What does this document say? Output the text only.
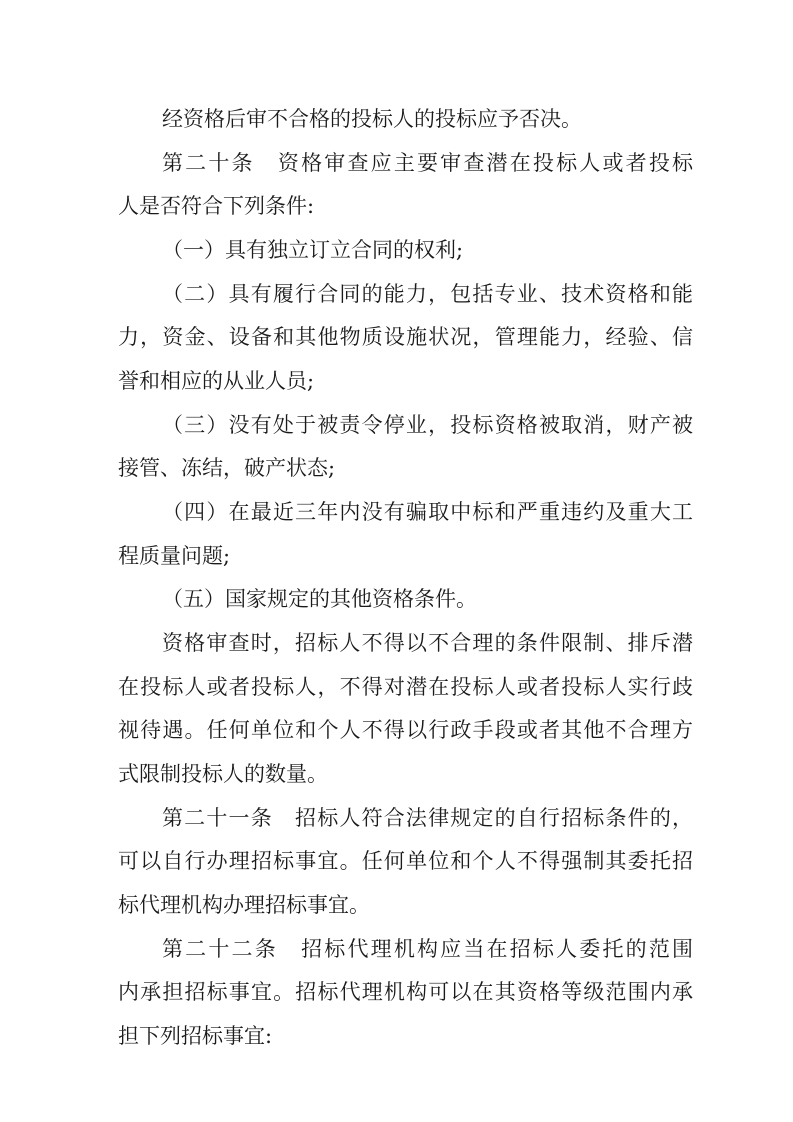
经资格后审不合格的投标人的投标应予否决。
第二十条　资格审查应主要审查潜在投标人或者投标
人是否符合下列条件:
（一）具有独立订立合同的权利;
（二）具有履行合同的能力，包括专业、技术资格和能
力，资金、设备和其他物质设施状况，管理能力，经验、信
誉和相应的从业人员;
（三）没有处于被责令停业，投标资格被取消，财产被
接管、冻结，破产状态;
（四）在最近三年内没有骗取中标和严重违约及重大工
程质量问题;
（五）国家规定的其他资格条件。
资格审查时，招标人不得以不合理的条件限制、排斥潜
在投标人或者投标人，不得对潜在投标人或者投标人实行歧
视待遇。任何单位和个人不得以行政手段或者其他不合理方
式限制投标人的数量。
第二十一条　招标人符合法律规定的自行招标条件的，
可以自行办理招标事宜。任何单位和个人不得强制其委托招
标代理机构办理招标事宜。
第二十二条　招标代理机构应当在招标人委托的范围
内承担招标事宜。招标代理机构可以在其资格等级范围内承
担下列招标事宜:
